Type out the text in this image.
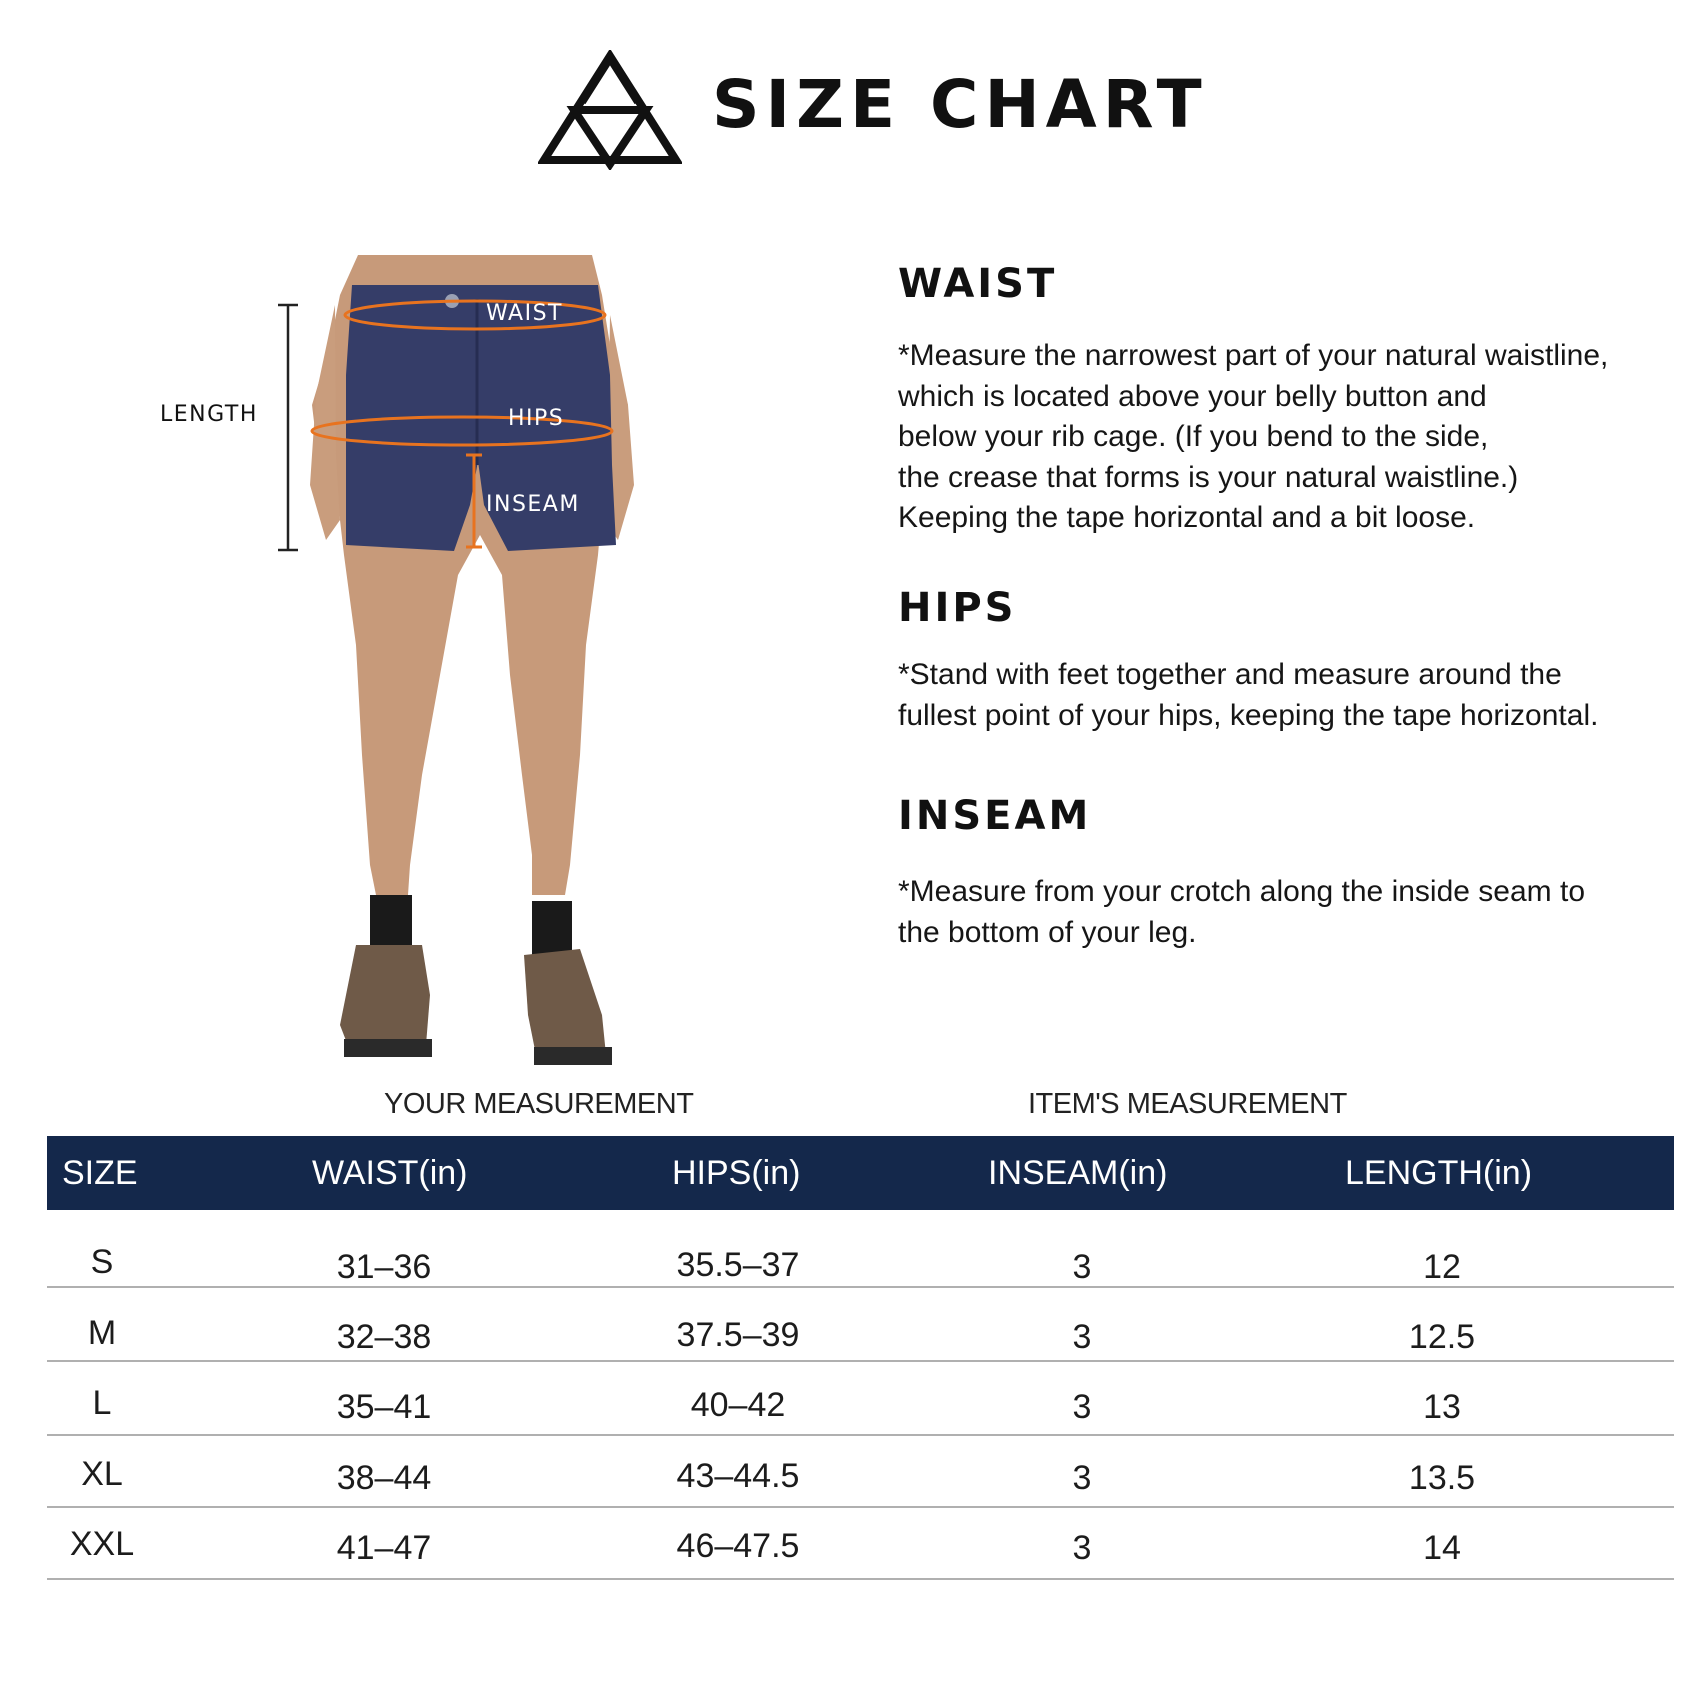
SIZE CHART
LENGTH
WAIST
HIPS
INSEAM
WAIST
*Measure the narrowest part of your natural waistline,
which is located above your belly button and
below your rib cage. (If you bend to the side,
the crease that forms is your natural waistline.)
Keeping the tape horizontal and a bit loose.
HIPS
*Stand with feet together and measure around the
fullest point of your hips, keeping the tape horizontal.
INSEAM
*Measure from your crotch along the inside seam to
the bottom of your leg.
YOUR MEASUREMENT	ITEM'S MEASUREMENT
SIZE	WAIST(in)	HIPS(in)	INSEAM(in)	LENGTH(in)
S	31–36	35.5–37	3	12
M	32–38	37.5–39	3	12.5
L	35–41	40–42	3	13
XL	38–44	43–44.5	3	13.5
XXL	41–47	46–47.5	3	14
